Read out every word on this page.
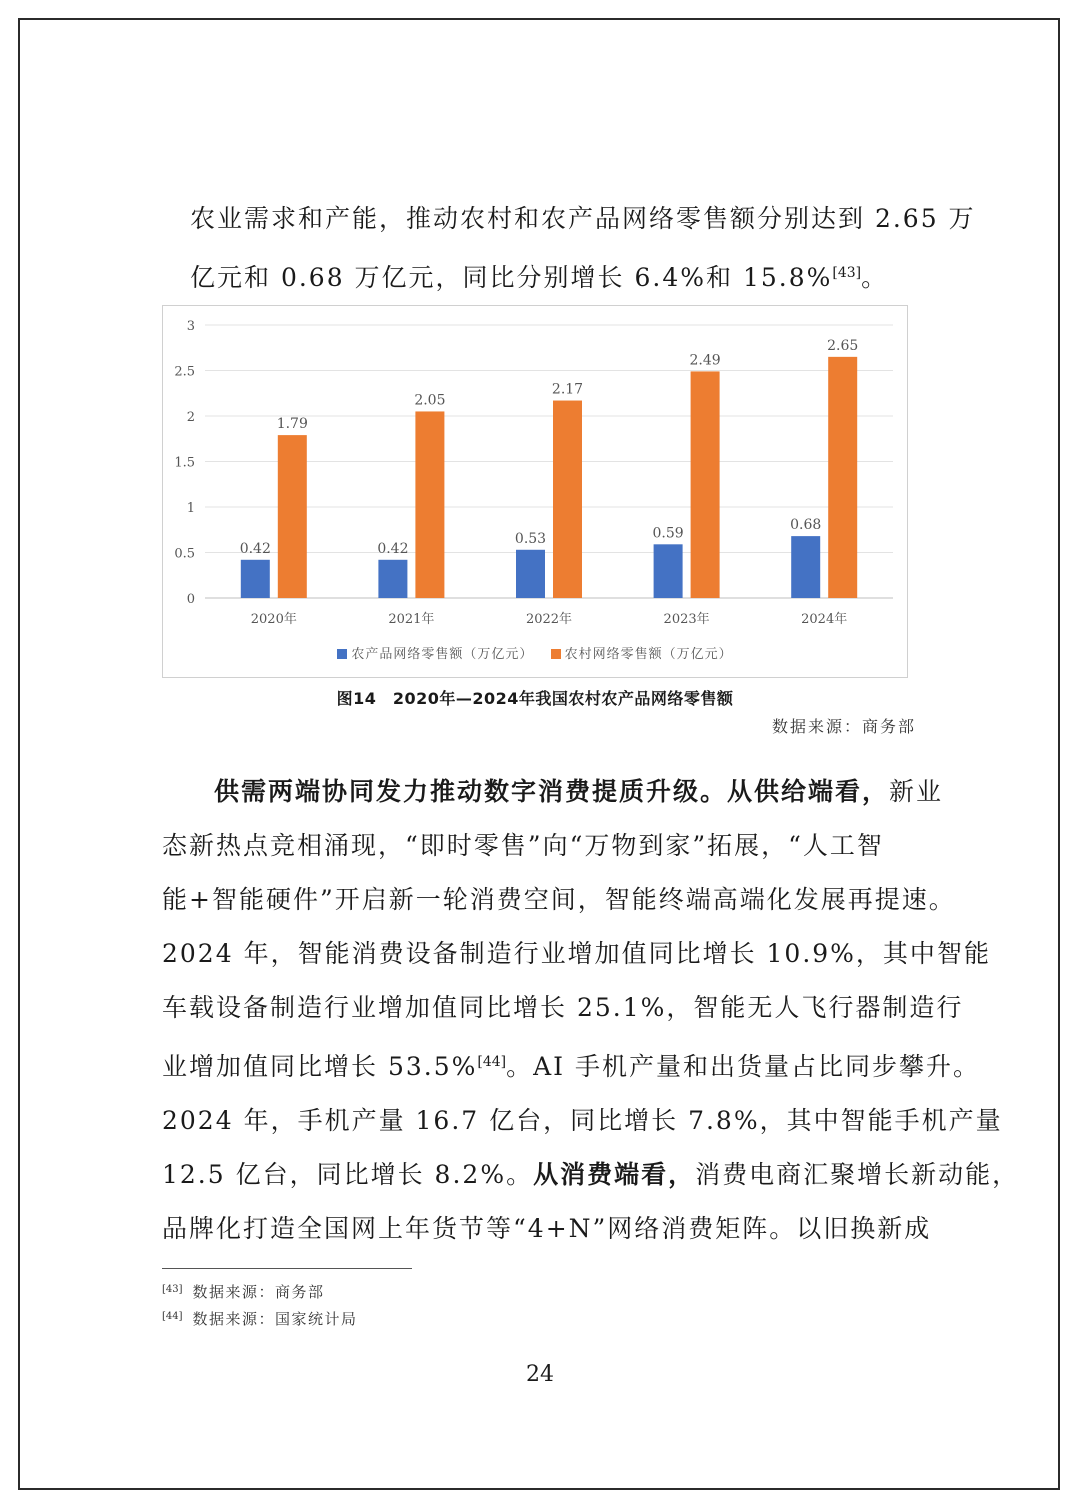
农业需求和产能，推动农村和农产品网络零售额分别达到 2.65 万
亿元和 0.68 万亿元，同比分别增长 6.4%和 15.8%[43]。
0
0.5
1
1.5
2
2.5
3
0.42
1.79
2020年
0.42
2.05
2021年
0.53
2.17
2022年
0.59
2.49
2023年
0.68
2.65
2024年
农产品网络零售额（万亿元） 农村网络零售额（万亿元）
图14　2020年—2024年我国农村农产品网络零售额
数据来源：商务部
供需两端协同发力推动数字消费提质升级。从供给端看，新业
态新热点竞相涌现，“即时零售”向“万物到家”拓展，“人工智
能+智能硬件”开启新一轮消费空间，智能终端高端化发展再提速。
2024 年，智能消费设备制造行业增加值同比增长 10.9%，其中智能
车载设备制造行业增加值同比增长 25.1%，智能无人飞行器制造行
业增加值同比增长 53.5%[44]。AI 手机产量和出货量占比同步攀升。
2024 年，手机产量 16.7 亿台，同比增长 7.8%，其中智能手机产量
12.5 亿台，同比增长 8.2%。从消费端看，消费电商汇聚增长新动能，
品牌化打造全国网上年货节等“4+N”网络消费矩阵。以旧换新成
[43] 数据来源：商务部
[44] 数据来源：国家统计局
24
